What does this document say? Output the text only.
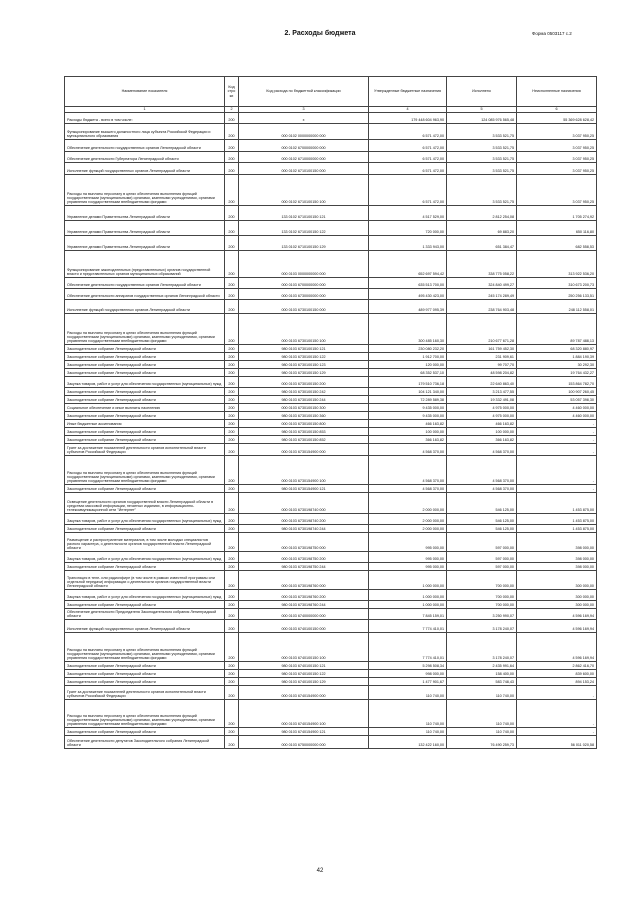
2. Расходы бюджета	Форма 0503117 с.2
Наименование показателя	Код строки	Код расхода по бюджетной классификации	Утвержденные бюджетные назначения	Исполнено	Неисполненные назначения
1	2	3	4	5	6
Расходы бюджета - всего в том числе:	200	х	179 448 604 963,90	124 085 976 565,48	55 369 628 628,42
Функционирование высшего должностного лица субъекта Российской Федерации и муниципального образования	200	000 0102 0000000000 000	6 571 472,00	3 533 521,75	3 037 950,25
Обеспечение деятельности государственных органов Ленинградской области	200	000 0102 6700000000 000	6 571 472,00	3 533 521,75	3 037 950,25
Обеспечение деятельности Губернатора Ленинградской области	200	000 0102 6710000000 000	6 571 472,00	3 533 521,75	3 037 950,25
Исполнение функций государственных органов Ленинградской области	200	000 0102 6710100150 000	6 571 472,00	3 533 521,75	3 037 950,25
Расходы на выплаты персоналу в целях обеспечения выполнения функций государственными (муниципальными) органами, казенными учреждениями, органами управления государственными внебюджетными фондами	200	000 0102 6710100150 100	6 571 472,00	3 533 521,75	3 037 950,25
Управление делами Правительства Ленинградской области	200	133 0102 6710100150 121	4 517 529,00	2 812 254,08	1 705 274,92
Управление делами Правительства Ленинградской области	200	133 0102 6710100150 122	720 000,00	69 883,20	650 116,80
Управление делами Правительства Ленинградской области	200	133 0102 6710100150 129	1 333 943,00	651 384,47	682 558,53
Функционирование законодательных (представительных) органов государственной власти и представительных органов муниципальных образований	200	000 0103 0000000000 000	652 697 594,42	338 775 058,22	313 922 536,20
Обеспечение деятельности государственных органов Ленинградской области	200	000 0103 6700000000 000	635 513 700,00	324 840 499,27	310 673 200,73
Обеспечение деятельности аппаратов государственных органов Ленинградской области	200	000 0103 6730000000 000	495 430 423,00	245 174 289,49	250 256 133,51
Исполнение функций государственных органов Ленинградской области	200	000 0103 6730100150 000	489 977 095,39	238 764 903,48	248 112 558,01
Расходы на выплаты персоналу в целях обеспечения выполнения функций государственными (муниципальными) органами, казенными учреждениями, органами управления государственными внебюджетными фондами	200	000 0103 6730100150 100	300 485 160,30	210 677 671,28	89 787 488,13
Законодательное собрание Ленинградской области	200	980 0103 6730100150 121	230 080 232,20	161 759 452,30	68 320 880,97
Законодательное собрание Ленинградской области	200	980 0103 6730100150 122	1 912 700,00	231 909,61	1 884 190,39
Законодательное собрание Ленинградской области	200	980 0103 6730100150 123	120 000,00	99 707,70	30 292,30
Законодательное собрание Ленинградской области	200	980 0103 6730100150 129	68 352 537,10	48 598 204,82	19 764 432,27
Закупка товаров, работ и услуг для обеспечения государственных (муниципальных) нужд	200	000 0103 6730100150 200	179 510 736,18	22 640 863,40	153 864 782,70
Законодательное собрание Ленинградской области	200	980 0103 6730100150 242	104 121 340,00	3 213 477,55	100 907 260,45
Законодательное собрание Ленинградской области	200	980 0103 6730100150 244	72 289 589,38	19 332 491,08	53 057 398,30
Социальное обеспечение и иные выплаты населению	200	000 0103 6730100150 300	9 435 000,00	4 975 000,00	4 460 000,00
Законодательное собрание Ленинградской области	200	980 0103 6730100150 360	9 435 000,00	4 975 000,00	4 460 000,00
Иные бюджетные ассигнования	200	000 0103 6730100150 800	466 163,82	466 163,82	-
Законодательное собрание Ленинградской области	200	980 0103 6730100150 853	100 000,00	100 000,00	-
Законодательное собрание Ленинградской области	200	980 0103 6730100150 852	366 163,82	366 163,82	-
Грант за достижение показателей деятельности органов исполнительной власти субъектов Российской Федерации	200	000 0103 6730154900 000	4 568 370,00	4 568 370,00	-
Расходы на выплаты персоналу в целях обеспечения выполнения функций государственными (муниципальными) органами, казенными учреждениями, органами управления государственными внебюджетными фондами	200	000 0103 6730154900 100	4 568 370,00	4 568 370,00	-
Законодательное собрание Ленинградской области	200	980 0103 6730154900 121	4 568 370,00	4 568 370,00	-
Освещение деятельности органов государственной власти Ленинградской области в средствах массовой информации, печатных изданиях, в информационно-телекоммуникационной сети "Интернет"	200	000 0103 6730198740 000	2 000 000,00	546 125,00	1 453 875,00
Закупка товаров, работ и услуг для обеспечения государственных (муниципальных) нужд	200	000 0103 6730198740 200	2 000 000,00	546 125,00	1 453 875,00
Законодательное собрание Ленинградской области	200	980 0103 6730198740 244	2 000 000,00	546 125,00	1 453 875,00
Размещение и распространение материалов, в том числе молодых специалистов разного характера, о деятельности органов государственной власти Ленинградской области	200	000 0103 6730198750 000	995 000,00	597 000,00	398 000,00
Закупка товаров, работ и услуг для обеспечения государственных (муниципальных) нужд	200	000 0103 6730198750 200	995 000,00	597 000,00	398 000,00
Законодательное собрание Ленинградской области	200	980 0103 6730198750 244	995 000,00	597 000,00	398 000,00
Трансляция в теле- или радиоэфире (в том числе в рамках известной программы или отдельной передачи) информации о деятельности органов государственной власти Ленинградской области	200	000 0103 6730198760 000	1 000 000,00	700 000,00	300 000,00
Закупка товаров, работ и услуг для обеспечения государственных (муниципальных) нужд	200	000 0103 6730198760 200	1 000 000,00	700 000,00	300 000,00
Законодательное собрание Ленинградской области	200	980 0103 6730198760 244	1 000 000,00	700 000,00	300 000,00
Обеспечение деятельности Председателя Законодательного собрания Ленинградской области	200	000 0103 6740000000 000	7 845 159,01	3 250 990,07	4 596 169,94
Исполнение функций государственных органов Ленинградской области	200	000 0103 6740100150 000	7 774 410,01	3 178 240,07	4 596 169,94
Расходы на выплаты персоналу в целях обеспечения выполнения функций государственными (муниципальными) органами, казенными учреждениями, органами управления государственными внебюджетными фондами	200	000 0103 6740100150 100	7 774 410,01	3 178 240,07	4 596 169,94
Законодательное собрание Ленинградской области	200	980 0103 6740100150 121	5 298 508,34	2 435 991,64	2 862 416,70
Законодательное собрание Ленинградской области	200	980 0103 6740100150 122	998 000,00	158 400,00	839 600,00
Законодательное собрание Ленинградской области	200	980 0103 6740100150 129	1 477 901,67	583 748,43	894 153,24
Грант за достижение показателей деятельности органов исполнительной власти субъектов Российской Федерации	200	000 0103 6740154900 000	110 740,00	110 740,00	-
Расходы на выплаты персоналу в целях обеспечения выполнения функций государственными (муниципальными) органами, казенными учреждениями, органами управления государственными внебюджетными фондами	200	000 0103 6740154900 100	110 740,00	110 740,00	-
Законодательное собрание Ленинградской области	200	980 0103 6740154900 121	110 740,00	110 740,00	-
Обеспечение деятельности депутатов Законодательного собрания Ленинградской области	200	000 0103 6750000000 000	132 422 160,00	76 490 259,73	56 011 020,58
42
